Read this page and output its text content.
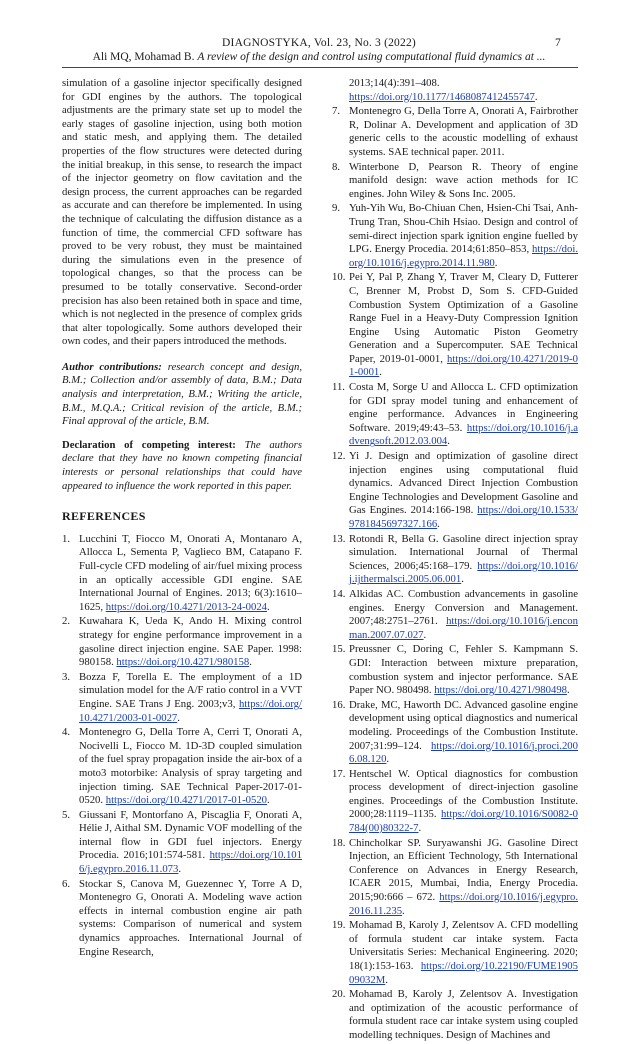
DIAGNOSTYKA, Vol. 23, No. 3 (2022)	7
Ali MQ, Mohamad B. A review of the design and control using computational fluid dynamics at ...

simulation of a gasoline injector specifically designed for GDI engines by the authors. The topological adjustments are the primary state set up to model the early stages of gasoline injection, using both motion and static mesh, and applying them. The detailed properties of the flow structures were detected during the initial breakup, in this sense, to research the impact of the injector geometry on flow cavitation and the design process, the current approaches can be regarded as accurate and can therefore be implemented. In using the technique of calculating the diffusion distance as a function of time, the commercial CFD software has proved to be very robust, they must be maintained during the simulations even in the presence of topological changes, so that the process can be presumed to be totally conservative. Second-order precision has also been retained both in space and time, which is not neglected in the presence of complex grids that alter topologically. Some authors developed their own codes, and their papers introduced the methods.

Author contributions: research concept and design, B.M.; Collection and/or assembly of data, B.M.; Data analysis and interpretation, B.M.; Writing the article, B.M., M.Q.A.; Critical revision of the article, B.M.; Final approval of the article, B.M.

Declaration of competing interest: The authors declare that they have no known competing financial interests or personal relationships that could have appeared to influence the work reported in this paper.

REFERENCES
1. Lucchini T, Fiocco M, Onorati A, Montanaro A, Allocca L, Sementa P, Vaglieco BM, Catapano F. Full-cycle CFD modeling of air/fuel mixing process in an optically accessible GDI engine. SAE International Journal of Engines. 2013; 6(3):1610–1625, https://doi.org/10.4271/2013-24-0024.
2. Kuwahara K, Ueda K, Ando H. Mixing control strategy for engine performance improvement in a gasoline direct injection engine. SAE Paper. 1998: 980158. https://doi.org/10.4271/980158.
3. Bozza F, Torella E. The employment of a 1D simulation model for the A/F ratio control in a VVT Engine. SAE Trans J Eng. 2003;v3, https://doi.org/10.4271/2003-01-0027.
4. Montenegro G, Della Torre A, Cerri T, Onorati A, Nocivelli L, Fiocco M. 1D-3D coupled simulation of the fuel spray propagation inside the air-box of a moto3 motorbike: Analysis of spray targeting and injection timing. SAE Technical Paper-2017-01-0520. https://doi.org/10.4271/2017-01-0520.
5. Giussani F, Montorfano A, Piscaglia F, Onorati A, Hélie J, Aithal SM. Dynamic VOF modelling of the internal flow in GDI fuel injectors. Energy Procedia. 2016;101:574-581. https://doi.org/10.1016/j.egypro.2016.11.073.
6. Stockar S, Canova M, Guezennec Y, Torre A D, Montenegro G, Onorati A. Modeling wave action effects in internal combustion engine air path systems: Comparison of numerical and system dynamics approaches. International Journal of Engine Research,
2013;14(4):391–408. https://doi.org/10.1177/1468087412455747.
7. Montenegro G, Della Torre A, Onorati A, Fairbrother R, Dolinar A. Development and application of 3D generic cells to the acoustic modelling of exhaust systems. SAE technical paper. 2011.
8. Winterbone D, Pearson R. Theory of engine manifold design: wave action methods for IC engines. John Wiley & Sons Inc. 2005.
9. Yuh-Yih Wu, Bo-Chiuan Chen, Hsien-Chi Tsai, Anh-Trung Tran, Shou-Chih Hsiao. Design and control of semi-direct injection spark ignition engine fuelled by LPG. Energy Procedia. 2014;61:850–853, https://doi.org/10.1016/j.egypro.2014.11.980.
10. Pei Y, Pal P, Zhang Y, Traver M, Cleary D, Futterer C, Brenner M, Probst D, Som S. CFD-Guided Combustion System Optimization of a Gasoline Range Fuel in a Heavy-Duty Compression Ignition Engine Using Automatic Piston Geometry Generation and a Supercomputer. SAE Technical Paper, 2019-01-0001, https://doi.org/10.4271/2019-01-0001.
11. Costa M, Sorge U and Allocca L. CFD optimization for GDI spray model tuning and enhancement of engine performance. Advances in Engineering Software. 2019;49:43–53. https://doi.org/10.1016/j.advengsoft.2012.03.004.
12. Yi J. Design and optimization of gasoline direct injection engines using computational fluid dynamics. Advanced Direct Injection Combustion Engine Technologies and Development Gasoline and Gas Engines. 2014:166-198. https://doi.org/10.1533/9781845697327.166.
13. Rotondi R, Bella G. Gasoline direct injection spray simulation. International Journal of Thermal Sciences, 2006;45:168–179. https://doi.org/10.1016/j.ijthermalsci.2005.06.001.
14. Alkidas AC. Combustion advancements in gasoline engines. Energy Conversion and Management. 2007;48:2751–2761. https://doi.org/10.1016/j.enconman.2007.07.027.
15. Preussner C, Doring C, Fehler S. Kampmann S. GDI: Interaction between mixture preparation, combustion system and injector performance. SAE Paper NO. 980498. https://doi.org/10.4271/980498.
16. Drake, MC, Haworth DC. Advanced gasoline engine development using optical diagnostics and numerical modeling. Proceedings of the Combustion Institute. 2007;31:99–124. https://doi.org/10.1016/j.proci.2006.08.120.
17. Hentschel W. Optical diagnostics for combustion process development of direct-injection gasoline engines. Proceedings of the Combustion Institute. 2000;28:1119–1135. https://doi.org/10.1016/S0082-0784(00)80322-7.
18. Chincholkar SP. Suryawanshi JG. Gasoline Direct Injection, an Efficient Technology, 5th International Conference on Advances in Energy Research, ICAER 2015, Mumbai, India, Energy Procedia. 2015;90:666 – 672. https://doi.org/10.1016/j.egypro.2016.11.235.
19. Mohamad B, Karoly J, Zelentsov A. CFD modelling of formula student car intake system. Facta Universitatis Series: Mechanical Engineering. 2020; 18(1):153-163. https://doi.org/10.22190/FUME190509032M.
20. Mohamad B, Karoly J, Zelentsov A. Investigation and optimization of the acoustic performance of formula student race car intake system using coupled modelling techniques. Design of Machines and
